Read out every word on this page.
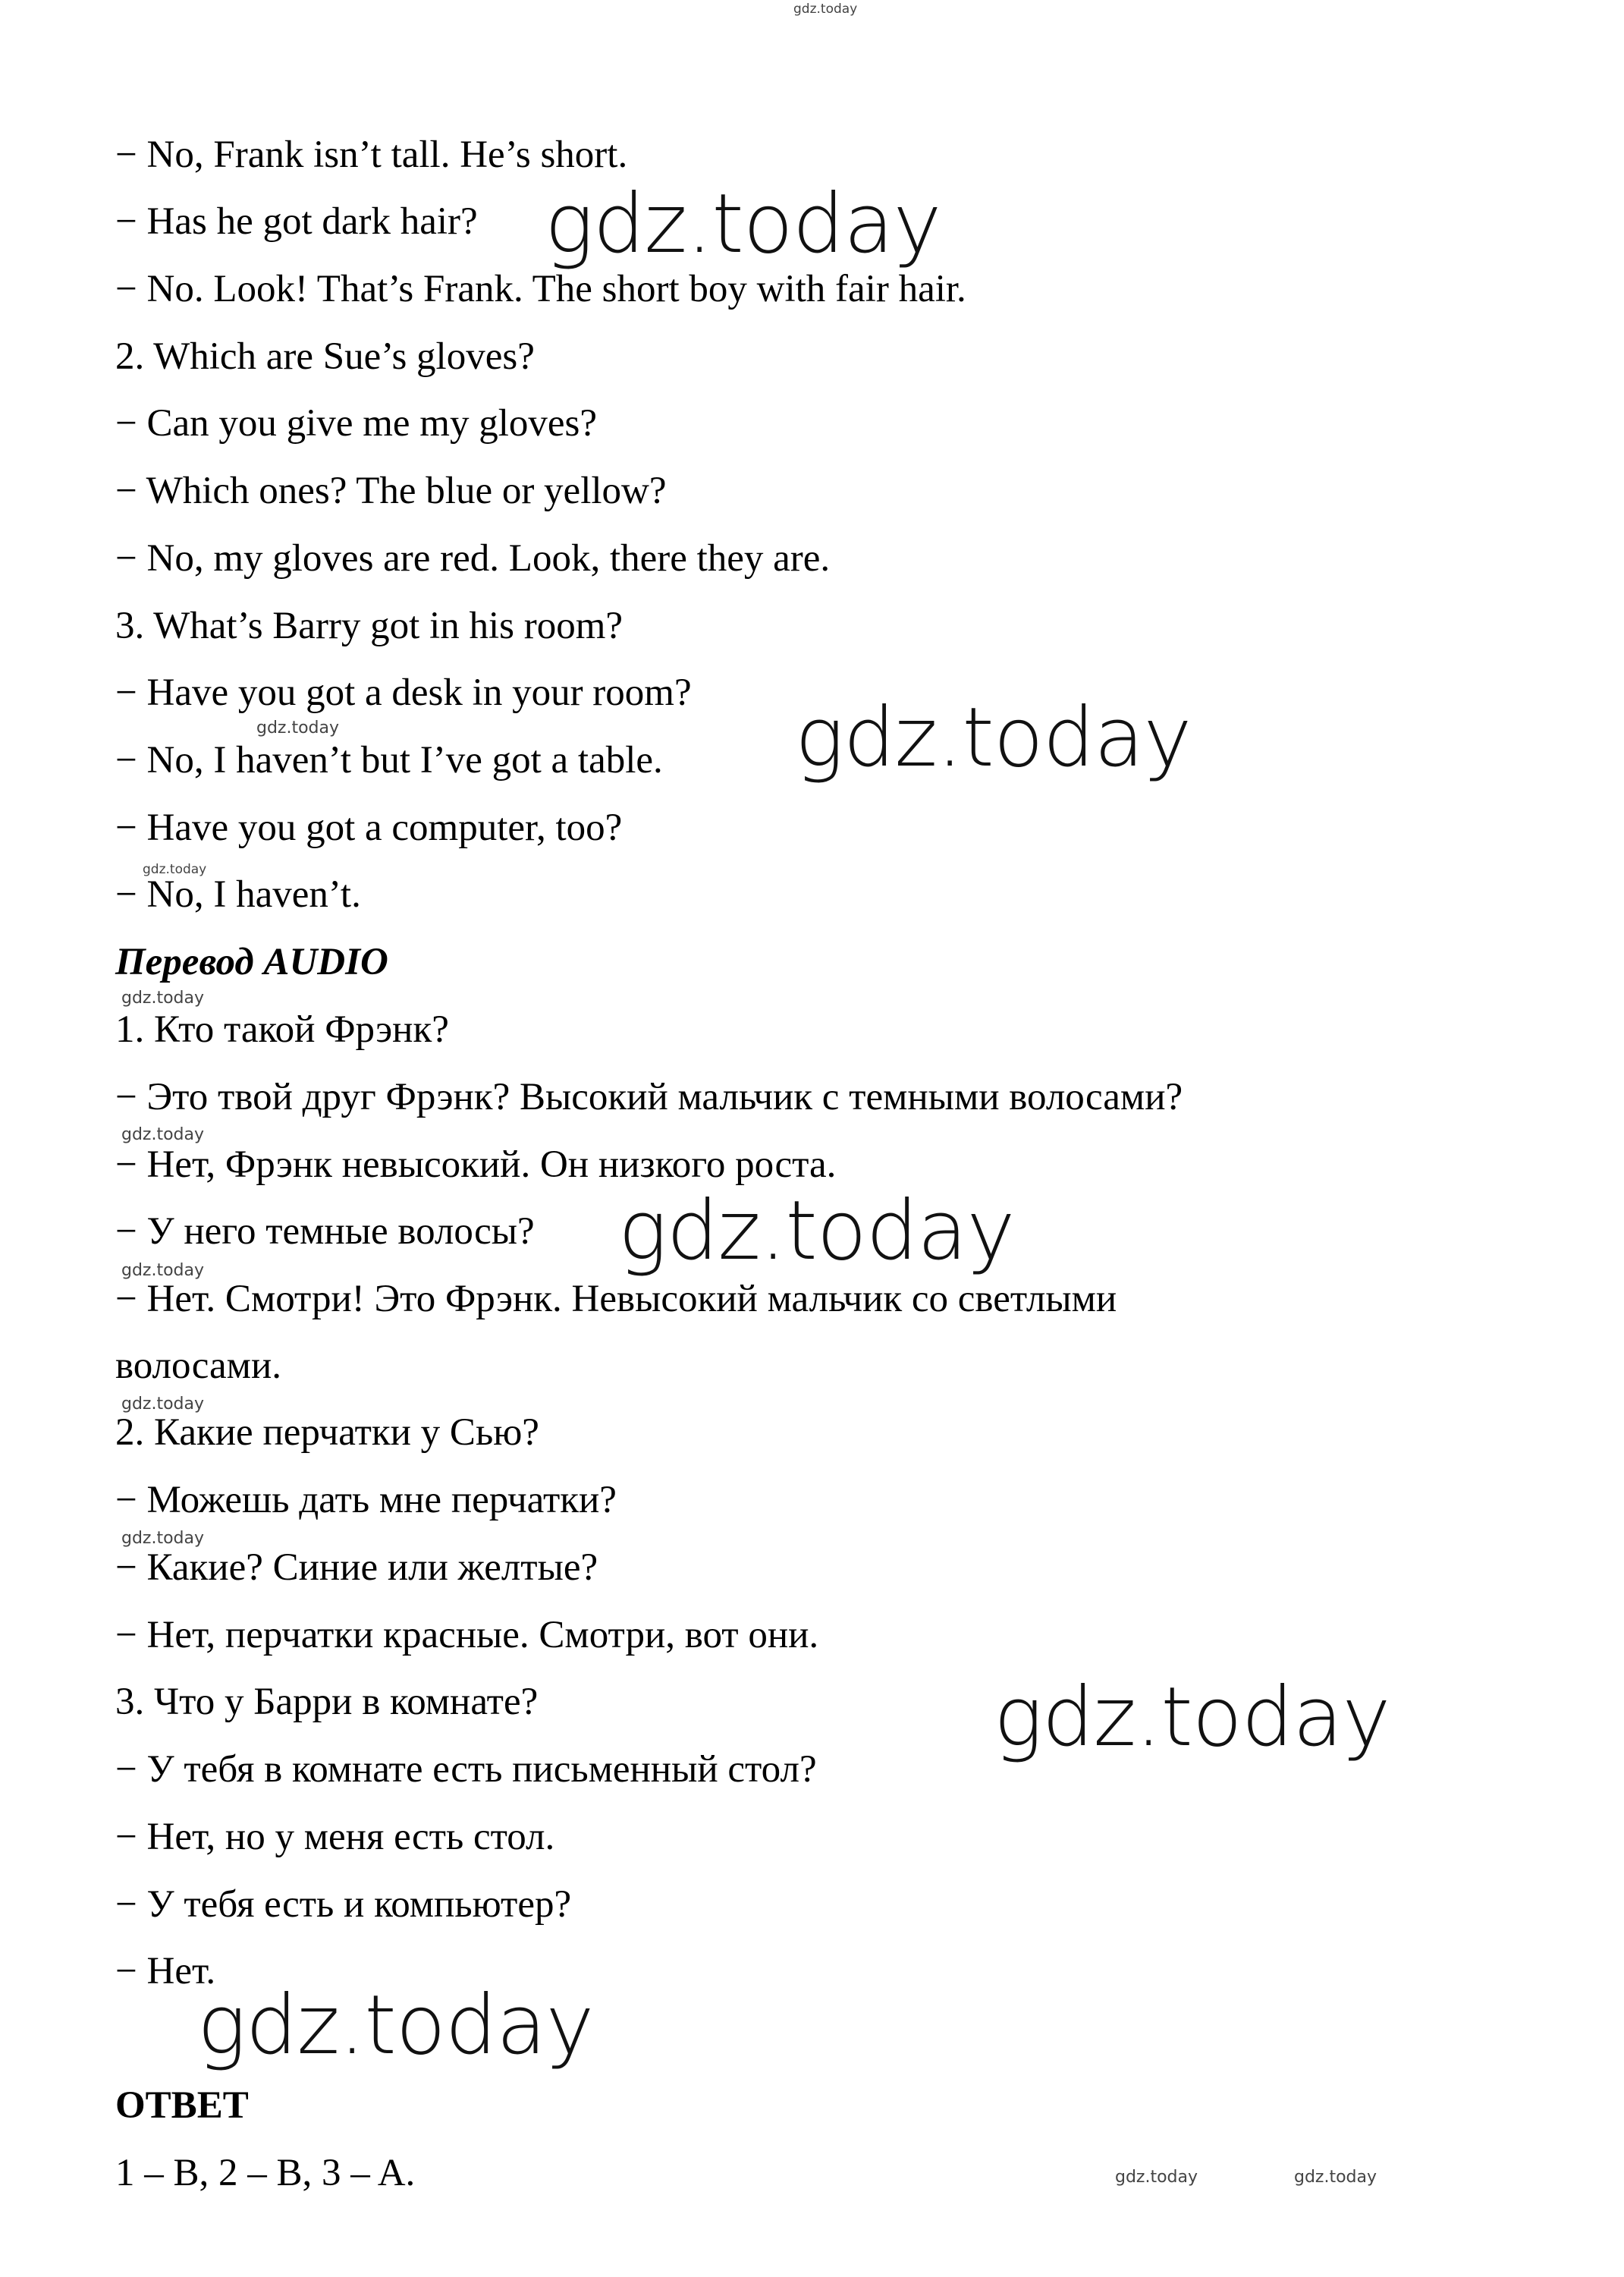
gdz.today
− No, Frank isn’t tall. He’s short.
− Has he got dark hair?
− No. Look! That’s Frank. The short boy with fair hair.
2. Which are Sue’s gloves?
− Can you give me my gloves?
− Which ones? The blue or yellow?
− No, my gloves are red. Look, there they are.
3. What’s Barry got in his room?
− Have you got a desk in your room?
− No, I haven’t but I’ve got a table.
− Have you got a computer, too?
− No, I haven’t.
Перевод AUDIO
1. Кто такой Фрэнк?
− Это твой друг Фрэнк? Высокий мальчик с темными волосами?
− Нет, Фрэнк невысокий. Он низкого роста.
− У него темные волосы?
− Нет. Смотри! Это Фрэнк. Невысокий мальчик со светлыми
волосами.
2. Какие перчатки у Сью?
− Можешь дать мне перчатки?
− Какие? Синие или желтые?
− Нет, перчатки красные. Смотри, вот они.
3. Что у Барри в комнате?
− У тебя в комнате есть письменный стол?
− Нет, но у меня есть стол.
− У тебя есть и компьютер?
− Нет.
ОТВЕТ
1 – B, 2 – B, 3 – A.
gdz.today
gdz.today
gdz.today
gdz.today
gdz.today
gdz.today
gdz.today
gdz.today
gdz.today
gdz.today
gdz.today
gdz.today
gdz.today	gdz.today
